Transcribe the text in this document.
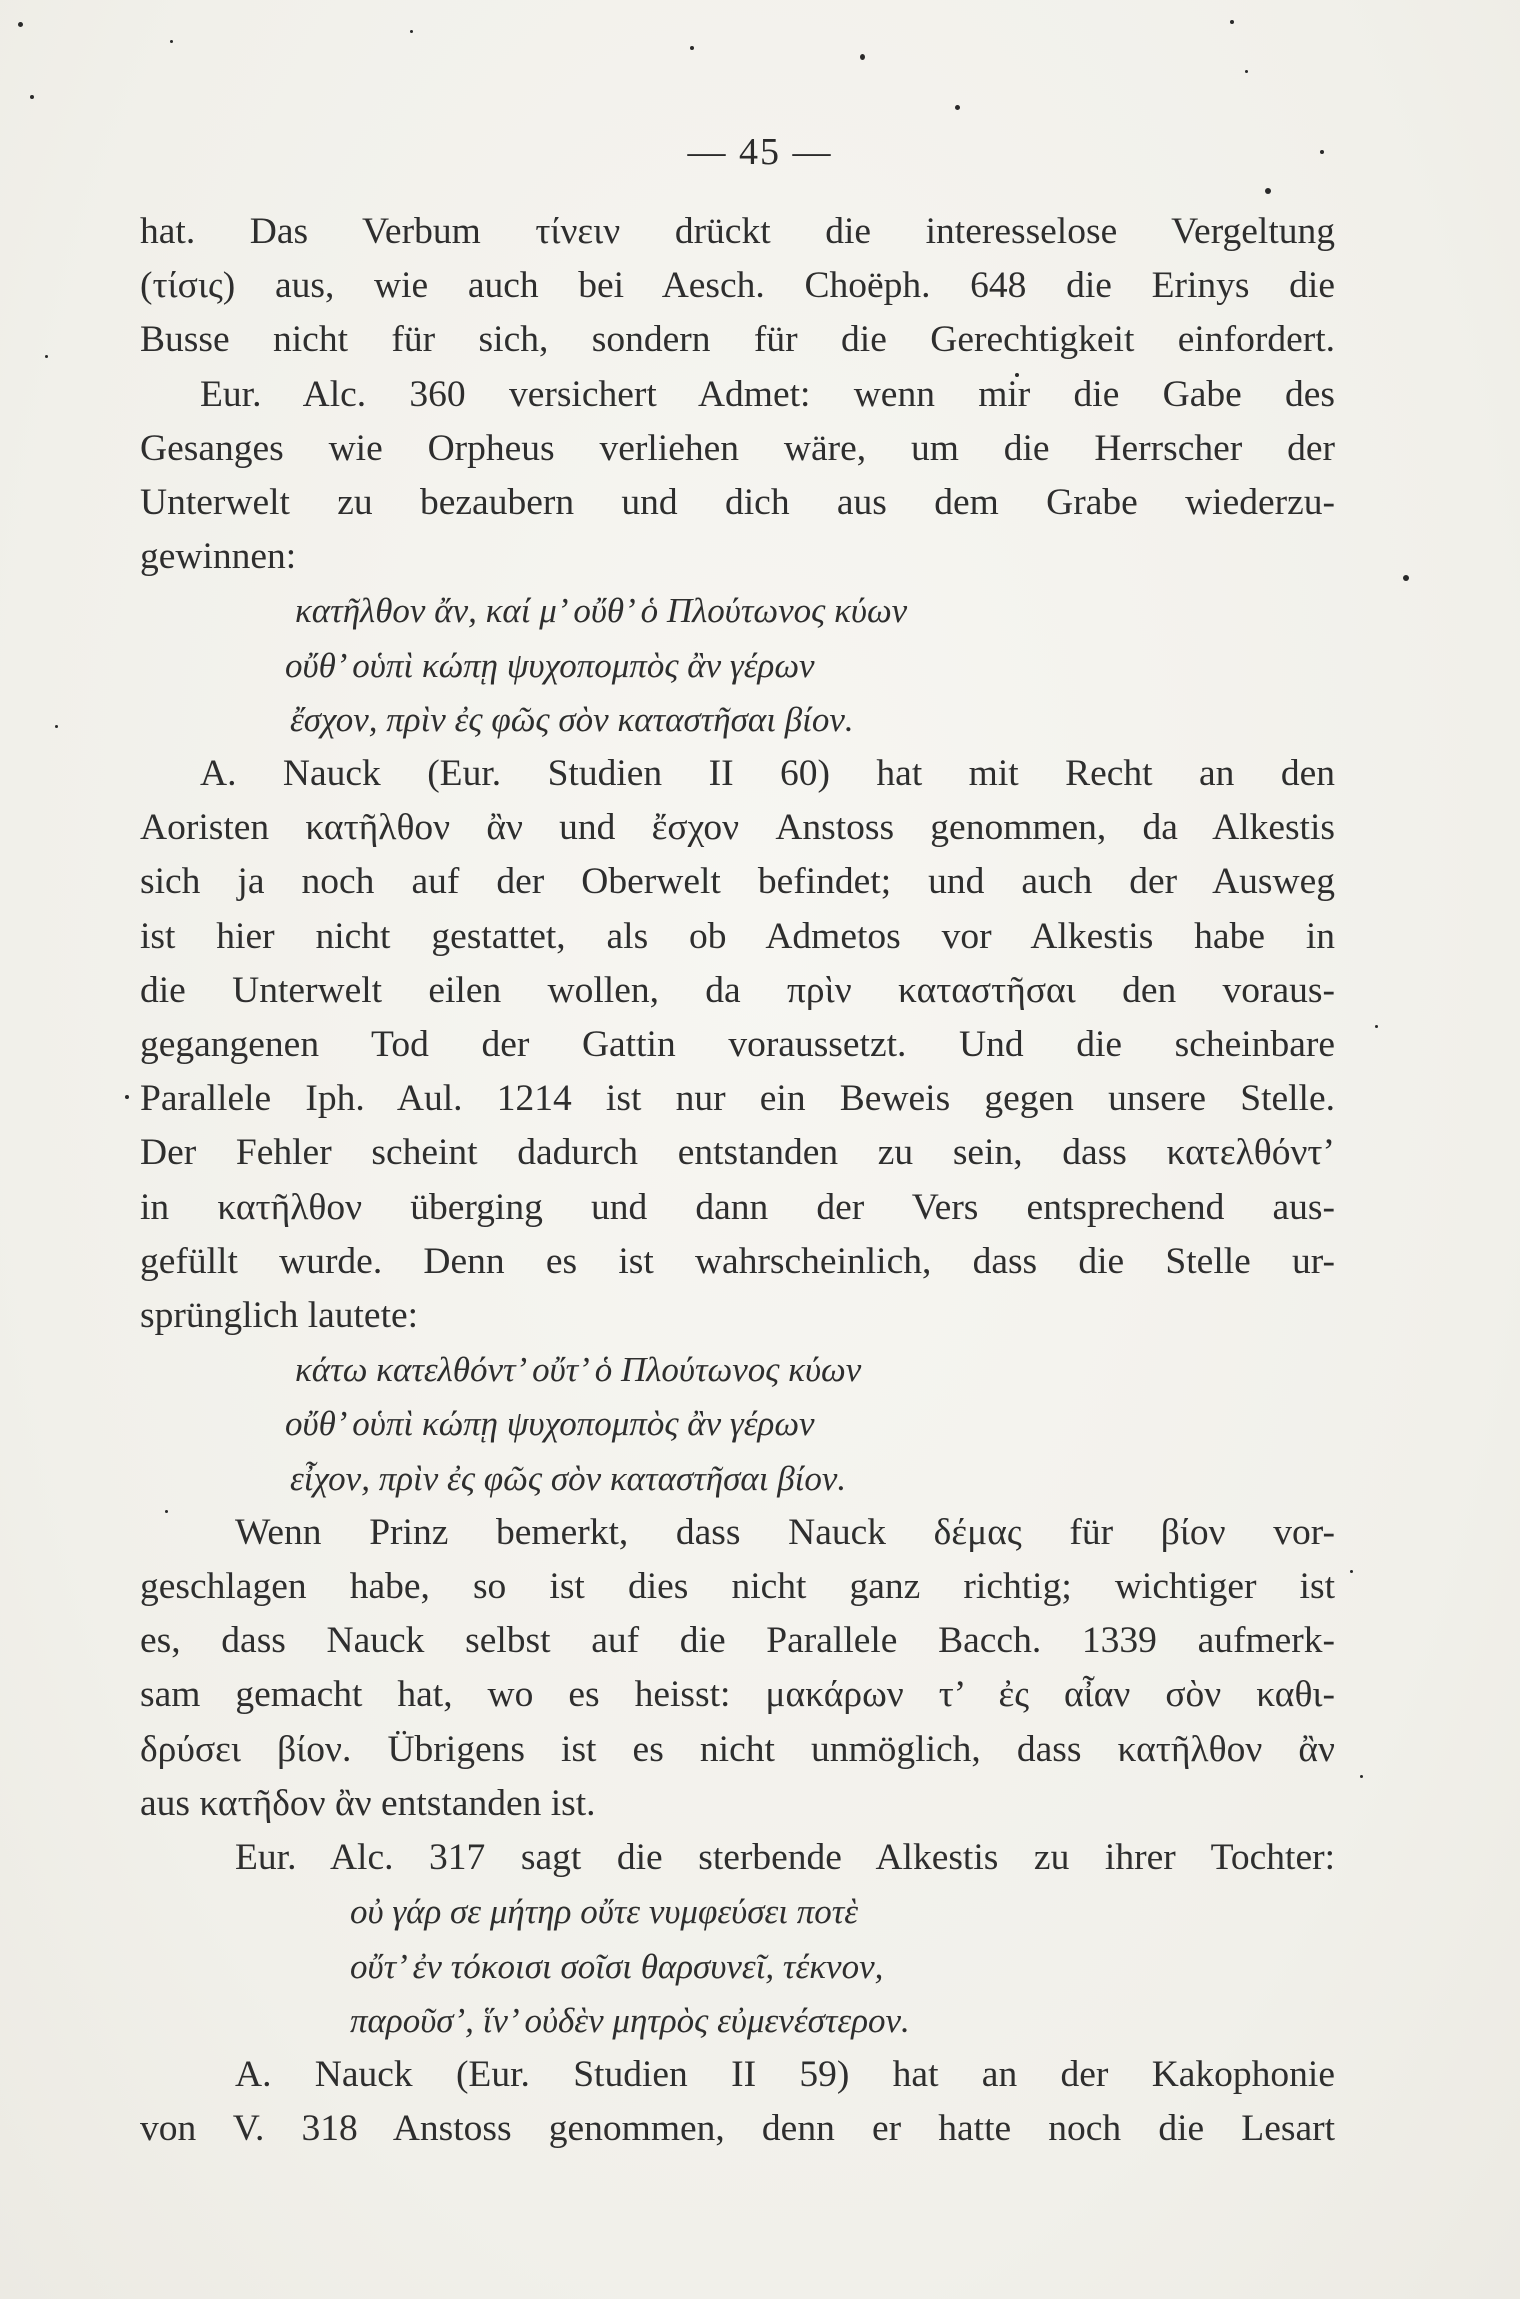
— 45 —

hat. Das Verbum τίνειν drückt die interesselose Vergeltung

(τίσις) aus, wie auch bei Aesch. Choëph. 648 die Erinys die

Busse nicht für sich, sondern für die Gerechtigkeit einfordert.

Eur. Alc. 360 versichert Admet: wenn mir die Gabe des

Gesanges wie Orpheus verliehen wäre, um die Herrscher der

Unterwelt zu bezaubern und dich aus dem Grabe wiederzu-

gewinnen:

κατῆλθον ἄν, καί μ’ οὔθ’ ὁ Πλούτωνος κύων

οὔθ’ οὑπὶ κώπῃ ψυχοπομπὸς ἂν γέρων

ἔσχον, πρὶν ἐς φῶς σὸν καταστῆσαι βίον.

A. Nauck (Eur. Studien II 60) hat mit Recht an den

Aoristen κατῆλθον ἂν und ἔσχον Anstoss genommen, da Alkestis

sich ja noch auf der Oberwelt befindet; und auch der Ausweg

ist hier nicht gestattet, als ob Admetos vor Alkestis habe in

die Unterwelt eilen wollen, da πρὶν καταστῆσαι den voraus-

gegangenen Tod der Gattin voraussetzt. Und die scheinbare

Parallele Iph. Aul. 1214 ist nur ein Beweis gegen unsere Stelle.

Der Fehler scheint dadurch entstanden zu sein, dass κατελθόντ’

in κατῆλθον überging und dann der Vers entsprechend aus-

gefüllt wurde. Denn es ist wahrscheinlich, dass die Stelle ur-

sprünglich lautete:

κάτω κατελθόντ’ οὔτ’ ὁ Πλούτωνος κύων

οὔθ’ οὑπὶ κώπῃ ψυχοπομπὸς ἂν γέρων

εἶχον, πρὶν ἐς φῶς σὸν καταστῆσαι βίον.

Wenn Prinz bemerkt, dass Nauck δέμας für βίον vor-

geschlagen habe, so ist dies nicht ganz richtig; wichtiger ist

es, dass Nauck selbst auf die Parallele Bacch. 1339 aufmerk-

sam gemacht hat, wo es heisst: μακάρων τ’ ἐς αἶαν σὸν καθι-

δρύσει βίον. Übrigens ist es nicht unmöglich, dass κατῆλθον ἂν

aus κατῆδον ἂν entstanden ist.

Eur. Alc. 317 sagt die sterbende Alkestis zu ihrer Tochter:

οὐ γάρ σε μήτηρ οὔτε νυμφεύσει ποτὲ

οὔτ’ ἐν τόκοισι σοῖσι θαρσυνεῖ, τέκνον,

παροῦσ’, ἵν’ οὐδὲν μητρὸς εὐμενέστερον.

A. Nauck (Eur. Studien II 59) hat an der Kakophonie

von V. 318 Anstoss genommen, denn er hatte noch die Lesart
